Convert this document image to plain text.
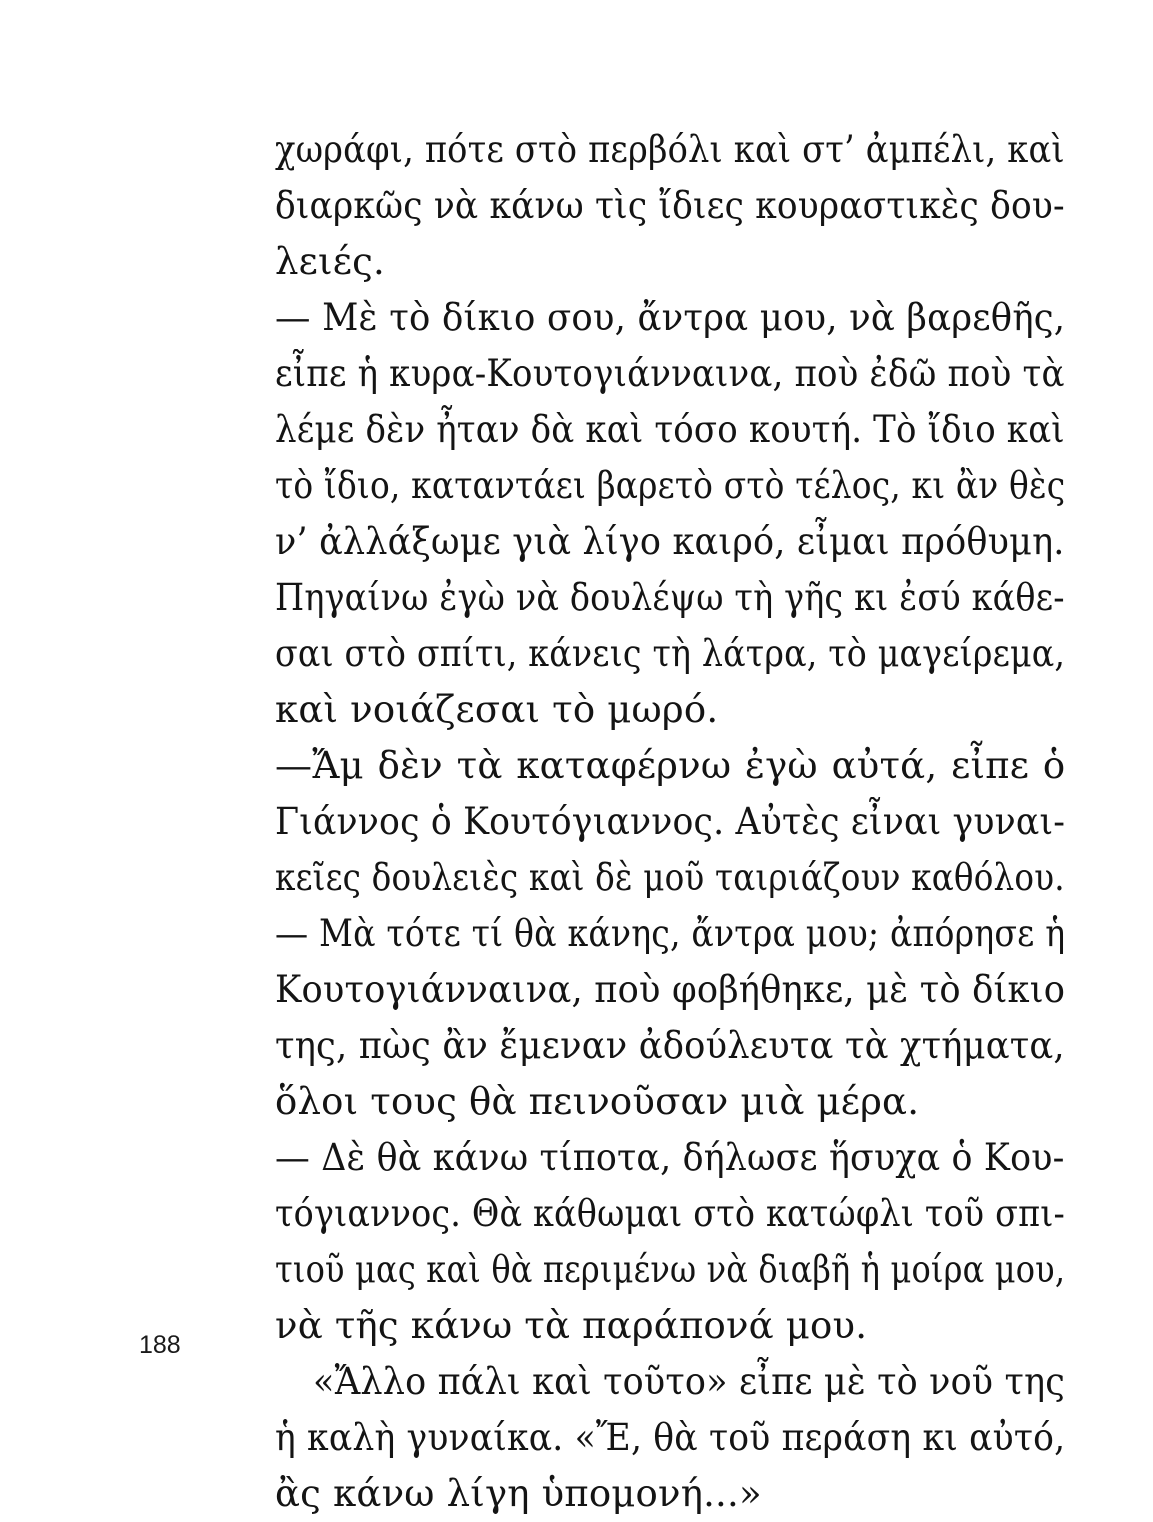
χωράφι, πότε στὸ περβόλι καὶ στ’ ἀμπέλι, καὶ
διαρκῶς νὰ κάνω τὶς ἴδιες κουραστικὲς δου-
λειές.
— Μὲ τὸ δίκιο σου, ἄντρα μου, νὰ βαρεθῆς,
εἶπε ἡ κυρα-Κουτογιάνναινα, ποὺ ἐδῶ ποὺ τὰ
λέμε δὲν ἦταν δὰ καὶ τόσο κουτή. Τὸ ἴδιο καὶ
τὸ ἴδιο, καταντάει βαρετὸ στὸ τέλος, κι ἂν θὲς
ν’ ἀλλάξωμε γιὰ λίγο καιρό, εἶμαι πρόθυμη.
Πηγαίνω ἐγὼ νὰ δουλέψω τὴ γῆς κι ἐσύ κάθε-
σαι στὸ σπίτι, κάνεις τὴ λάτρα, τὸ μαγείρεμα,
καὶ νοιάζεσαι τὸ μωρό.
—Ἄμ δὲν τὰ καταφέρνω ἐγὼ αὐτά, εἶπε ὁ
Γιάννος ὁ Κουτόγιαννος. Αὐτὲς εἶναι γυναι-
κεῖες δουλειὲς καὶ δὲ μοῦ ταιριάζουν καθόλου.
— Μὰ τότε τί θὰ κάνης, ἄντρα μου; ἀπόρησε ἡ
Κουτογιάνναινα, ποὺ φοβήθηκε, μὲ τὸ δίκιο
της, πὼς ἂν ἔμεναν ἀδούλευτα τὰ χτήματα,
ὅλοι τους θὰ πεινοῦσαν μιὰ μέρα.
— Δὲ θὰ κάνω τίποτα, δήλωσε ἥσυχα ὁ Κου-
τόγιαννος. Θὰ κάθωμαι στὸ κατώφλι τοῦ σπι-
τιοῦ μας καὶ θὰ περιμένω νὰ διαβῆ ἡ μοίρα μου,
νὰ τῆς κάνω τὰ παράπονά μου.
«Ἄλλο πάλι καὶ τοῦτο» εἶπε μὲ τὸ νοῦ της
ἡ καλὴ γυναίκα. «Ἔ, θὰ τοῦ περάση κι αὐτό,
ἂς κάνω λίγη ὑπομονή...»
188
